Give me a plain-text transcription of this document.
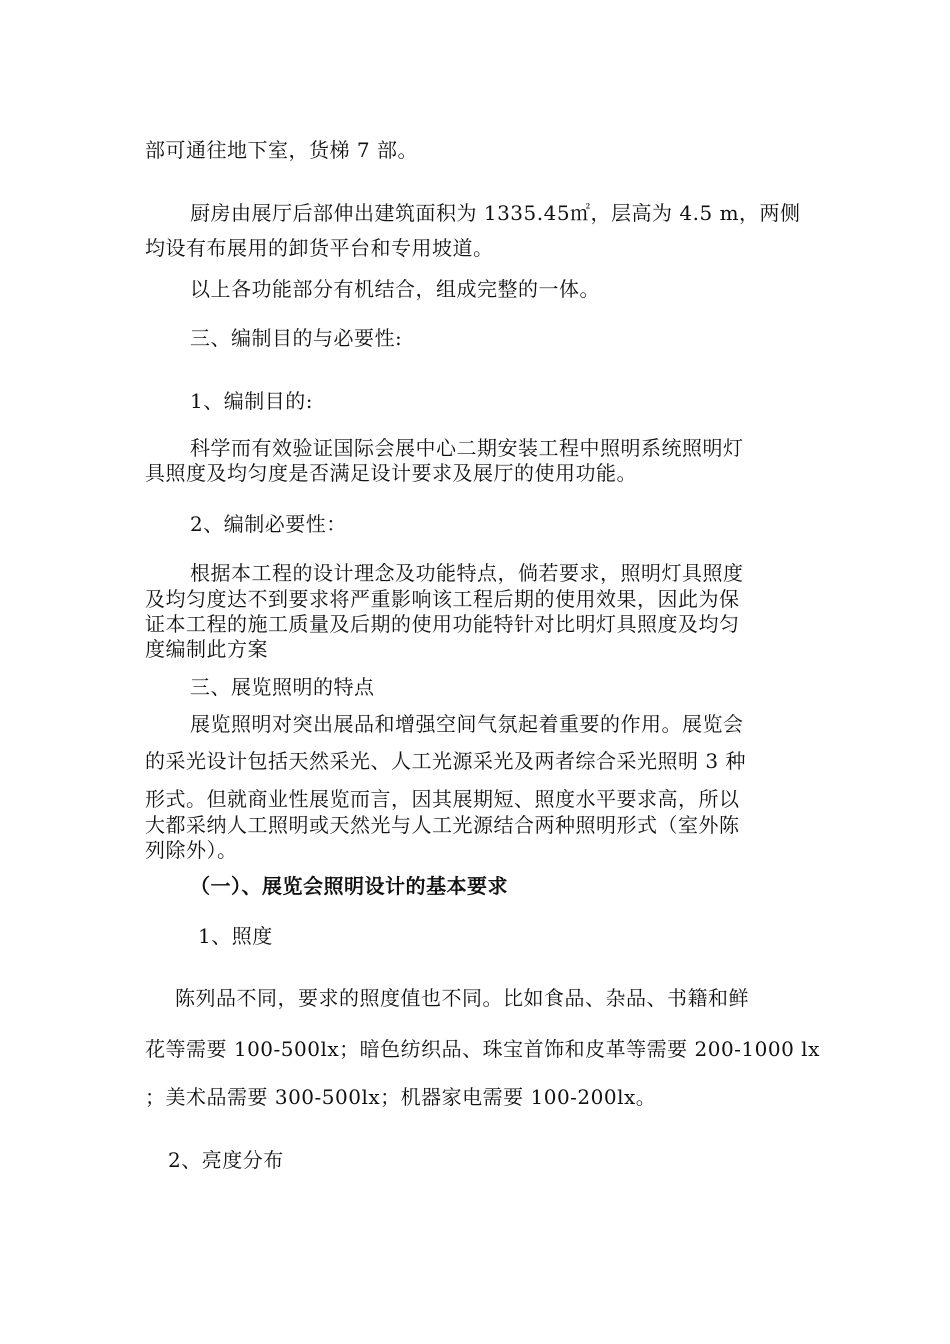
部可通往地下室，货梯 7 部。
厨房由展厅后部伸出建筑面积为 1335.45㎡，层高为 4.5 m，两侧
均设有布展用的卸货平台和专用坡道。
以上各功能部分有机结合，组成完整的一体。
三、编制目的与必要性:
1、编制目的:
科学而有效验证国际会展中心二期安装工程中照明系统照明灯
具照度及均匀度是否满足设计要求及展厅的使用功能。
2、编制必要性：
根据本工程的设计理念及功能特点，倘若要求，照明灯具照度
及均匀度达不到要求将严重影响该工程后期的使用效果，因此为保
证本工程的施工质量及后期的使用功能特针对比明灯具照度及均匀
度编制此方案
三、展览照明的特点
展览照明对突出展品和增强空间气氛起着重要的作用。展览会
的采光设计包括天然采光、人工光源采光及两者综合采光照明 3 种
形式。但就商业性展览而言，因其展期短、照度水平要求高，所以
大都采纳人工照明或天然光与人工光源结合两种照明形式（室外陈
列除外）。
（一）、展览会照明设计的基本要求
1、照度
陈列品不同，要求的照度值也不同。比如食品、杂品、书籍和鲜
花等需要 100-500lx；暗色纺织品、珠宝首饰和皮革等需要 200-1000 lx
；美术品需要 300-500lx；机器家电需要 100-200lx。
2、亮度分布
